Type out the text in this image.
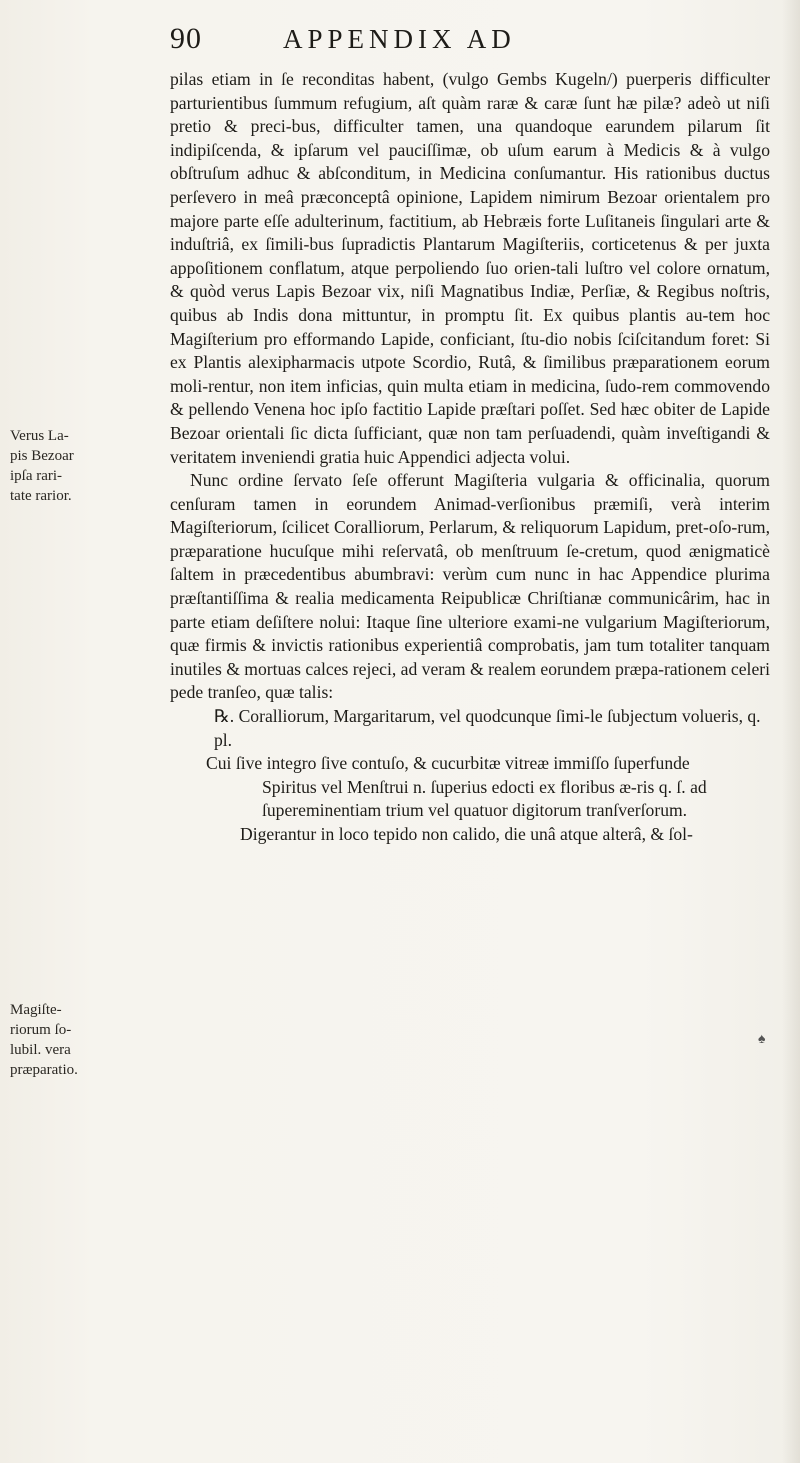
90	APPENDIX AD
Verus La-
pis Bezoar
ipſa rari-
tate rarior.
Magiſte-
riorum ſo-
lubil. vera
præparatio.

pilas etiam in ſe reconditas habent, (vulgo Gembs Kugeln/) puerperis difficulter parturientibus ſummum refugium, aſt quàm raræ & caræ ſunt hæ pilæ? adeò ut niſi pretio & preci-bus, difficulter tamen, una quandoque earundem pilarum ſit indipiſcenda, & ipſarum vel pauciſſimæ, ob uſum earum à Medicis & à vulgo obſtruſum adhuc & abſconditum, in Medicina conſumantur. His rationibus ductus perſevero in meâ præconceptâ opinione, Lapidem nimirum Bezoar orientalem pro majore parte eſſe adulterinum, factitium, ab Hebræis forte Luſitaneis ſingulari arte & induſtriâ, ex ſimili-bus ſupradictis Plantarum Magiſteriis, corticetenus & per juxta appoſitionem conflatum, atque perpoliendo ſuo orien-tali luſtro vel colore ornatum, & quòd verus Lapis Bezoar vix, niſi Magnatibus Indiæ, Perſiæ, & Regibus noſtris, quibus ab Indis dona mittuntur, in promptu ſit. Ex quibus plantis au-tem hoc Magiſterium pro efformando Lapide, conficiant, ſtu-dio nobis ſciſcitandum foret: Si ex Plantis alexipharmacis utpote Scordio, Rutâ, & ſimilibus præparationem eorum moli-rentur, non item inficias, quin multa etiam in medicina, ſudo-rem commovendo & pellendo Venena hoc ipſo factitio Lapide præſtari poſſet. Sed hæc obiter de Lapide Bezoar orientali ſic dicta ſufficiant, quæ non tam perſuadendi, quàm inveſtigandi & veritatem inveniendi gratia huic Appendici adjecta volui.

Nunc ordine ſervato ſeſe offerunt Magiſteria vulgaria & officinalia, quorum cenſuram tamen in eorundem Animad-verſionibus præmiſi, verà interim Magiſteriorum, ſcilicet Coralliorum, Perlarum, & reliquorum Lapidum, pret-oſo-rum, præparatione hucuſque mihi reſervatâ, ob menſtruum ſe-cretum, quod ænigmaticè ſaltem in præcedentibus abumbravi: verùm cum nunc in hac Appendice plurima præſtantiſſima & realia medicamenta Reipublicæ Chriſtianæ communicârim, hac in parte etiam deſiſtere nolui: Itaque ſine ulteriore exami-ne vulgarium Magiſteriorum, quæ firmis & invictis rationibus experientiâ comprobatis, jam tum totaliter tanquam inutiles & mortuas calces rejeci, ad veram & realem eorundem præpa-rationem celeri pede tranſeo, quæ talis:

℞. Coralliorum, Margaritarum, vel quodcunque ſimi-le ſubjectum volueris, q. pl.

Cui ſive integro ſive contuſo, & cucurbitæ vitreæ immiſſo ſuperfunde

Spiritus vel Menſtrui n. ſuperius edocti ex floribus æ-ris q. ſ. ad ſupereminentiam trium vel quatuor digitorum tranſverſorum.

Digerantur in loco tepido non calido, die unâ atque alterâ, & ſol-

♠
